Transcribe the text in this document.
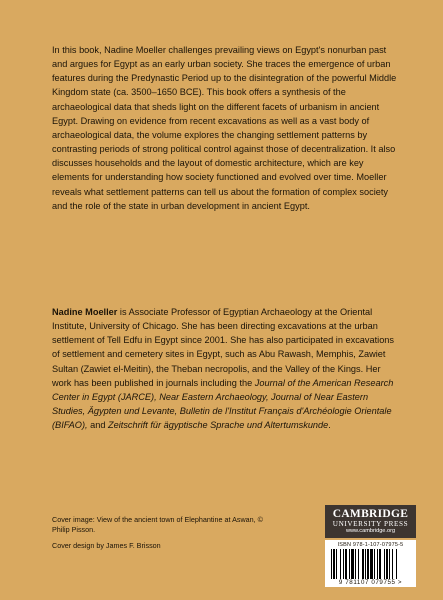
In this book, Nadine Moeller challenges prevailing views on Egypt's nonurban past and argues for Egypt as an early urban society. She traces the emergence of urban features during the Predynastic Period up to the disintegration of the powerful Middle Kingdom state (ca. 3500–1650 BCE). This book offers a synthesis of the archaeological data that sheds light on the different facets of urbanism in ancient Egypt. Drawing on evidence from recent excavations as well as a vast body of archaeological data, the volume explores the changing settlement patterns by contrasting periods of strong political control against those of decentralization. It also discusses households and the layout of domestic architecture, which are key elements for understanding how society functioned and evolved over time. Moeller reveals what settlement patterns can tell us about the formation of complex society and the role of the state in urban development in ancient Egypt.

Nadine Moeller is Associate Professor of Egyptian Archaeology at the Oriental Institute, University of Chicago. She has been directing excavations at the urban settlement of Tell Edfu in Egypt since 2001. She has also participated in excavations of settlement and cemetery sites in Egypt, such as Abu Rawash, Memphis, Zawiet Sultan (Zawiet el-Meitin), the Theban necropolis, and the Valley of the Kings. Her work has been published in journals including the Journal of the American Research Center in Egypt (JARCE), Near Eastern Archaeology, Journal of Near Eastern Studies, Ägypten und Levante, Bulletin de l'Institut Français d'Archéologie Orientale (BIFAO), and Zeitschrift für ägyptische Sprache und Altertumskunde.

Cover image: View of the ancient town of Elephantine at Aswan, © Philip Pisson.

Cover design by James F. Brisson

CAMBRIDGE
UNIVERSITY PRESS
www.cambridge.org
ISBN 978-1-107-07975-5
9 781107 079755 >
